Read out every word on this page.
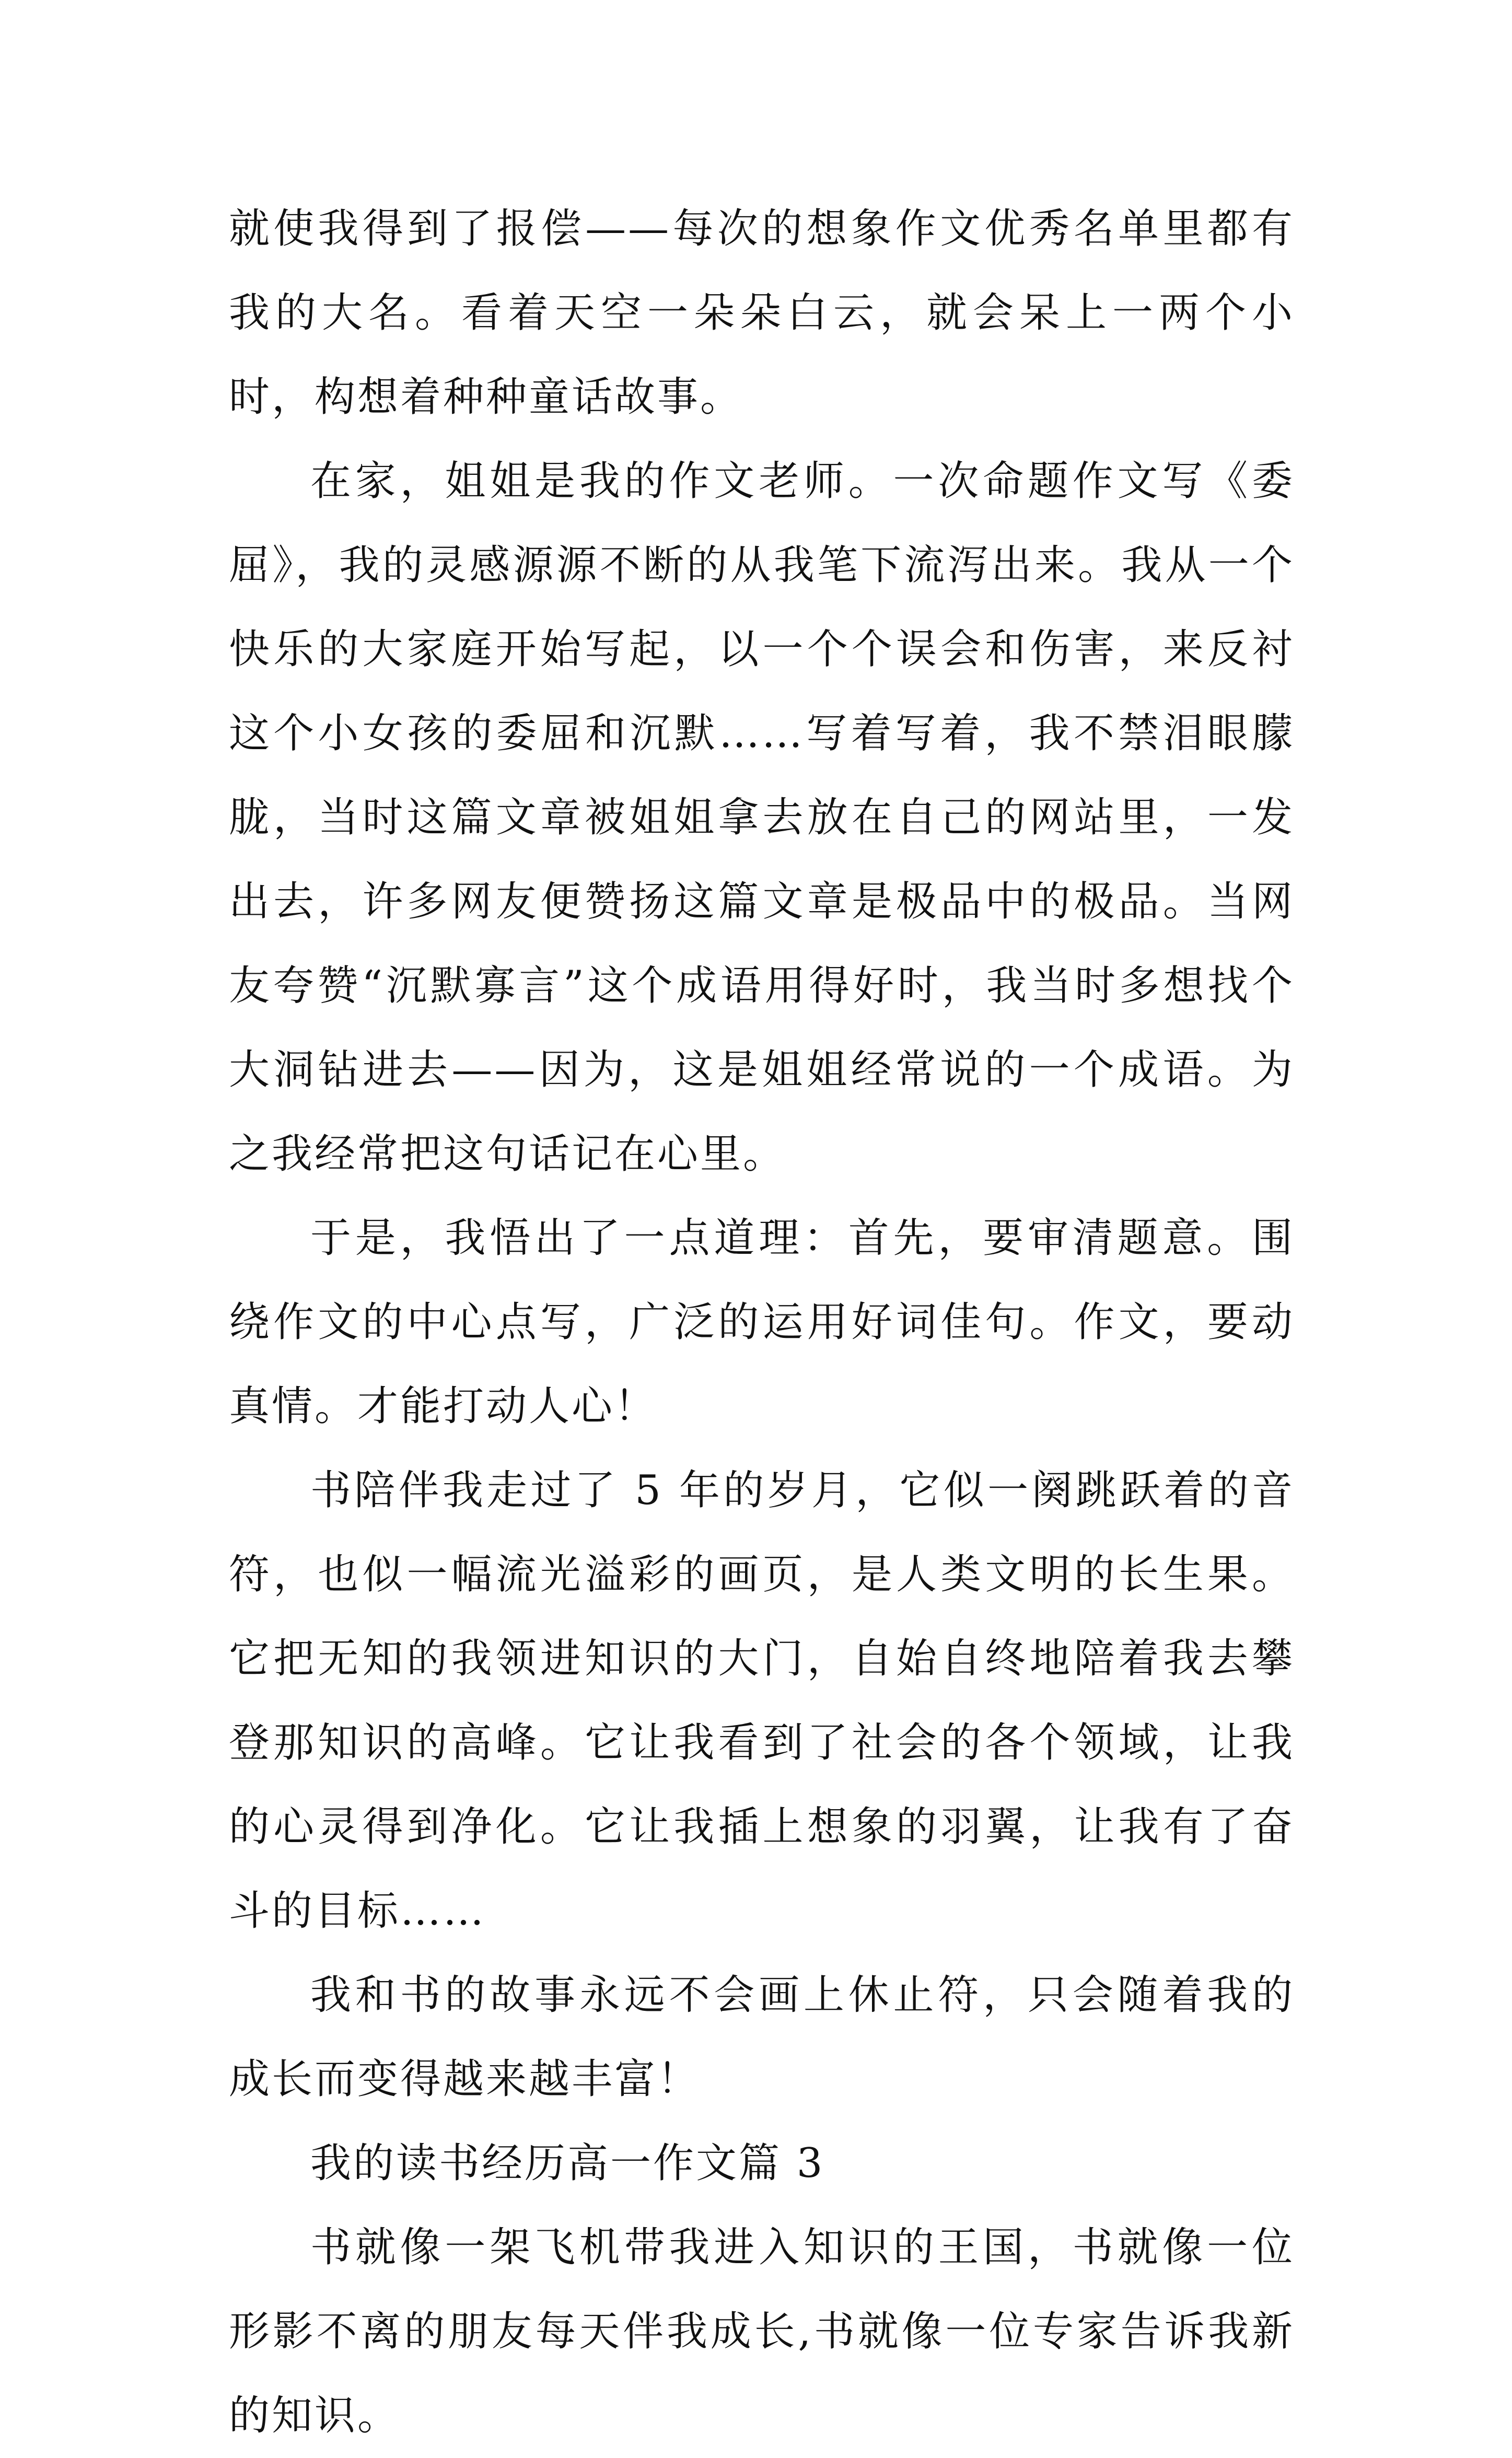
就使我得到了报偿——每次的想象作文优秀名单里都有我的大名。看着天空一朵朵白云，就会呆上一两个小时，构想着种种童话故事。

在家，姐姐是我的作文老师。一次命题作文写《委屈》，我的灵感源源不断的从我笔下流泻出来。我从一个快乐的大家庭开始写起，以一个个误会和伤害，来反衬这个小女孩的委屈和沉默……写着写着，我不禁泪眼朦胧，当时这篇文章被姐姐拿去放在自己的网站里，一发出去，许多网友便赞扬这篇文章是极品中的极品。当网友夸赞“沉默寡言”这个成语用得好时，我当时多想找个大洞钻进去——因为，这是姐姐经常说的一个成语。为之我经常把这句话记在心里。

于是，我悟出了一点道理：首先，要审清题意。围绕作文的中心点写，广泛的运用好词佳句。作文，要动真情。才能打动人心！

书陪伴我走过了 5 年的岁月，它似一阕跳跃着的音符，也似一幅流光溢彩的画页，是人类文明的长生果。它把无知的我领进知识的大门，自始自终地陪着我去攀登那知识的高峰。它让我看到了社会的各个领域，让我的心灵得到净化。它让我插上想象的羽翼，让我有了奋斗的目标……

我和书的故事永远不会画上休止符，只会随着我的成长而变得越来越丰富！

我的读书经历高一作文篇 3

书就像一架飞机带我进入知识的王国，书就像一位形影不离的朋友每天伴我成长,书就像一位专家告诉我新的知识。
